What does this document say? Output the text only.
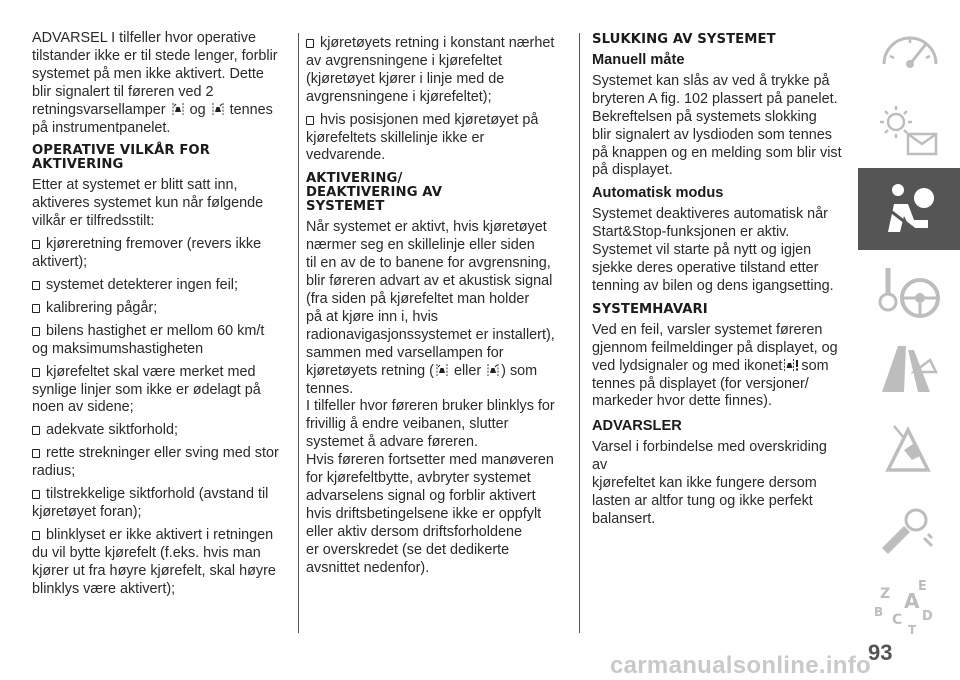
ADVARSEL I tilfeller hvor operative

tilstander ikke er til stede lenger, forblir

systemet på men ikke aktivert. Dette

blir signalert til føreren ved 2

retningsvarsellamper og tennes

på instrumentpanelet.

OPERATIVE VILKÅR FOR
AKTIVERING

Etter at systemet er blitt satt inn,

aktiveres systemet kun når følgende

vilkår er tilfredsstilt:

kjøreretning fremover (revers ikke

aktivert);

systemet detekterer ingen feil;

kalibrering pågår;

bilens hastighet er mellom 60 km/t

og maksimumshastigheten

kjørefeltet skal være merket med

synlige linjer som ikke er ødelagt på

noen av sidene;

adekvate siktforhold;

rette strekninger eller sving med stor

radius;

tilstrekkelige siktforhold (avstand til

kjøretøyet foran);

blinklyset er ikke aktivert i retningen

du vil bytte kjørefelt (f.eks. hvis man

kjører ut fra høyre kjørefelt, skal høyre

blinklys være aktivert);

kjøretøyets retning i konstant nærhet

av avgrensningene i kjørefeltet

(kjøretøyet kjører i linje med de

avgrensningene i kjørefeltet);

hvis posisjonen med kjøretøyet på

kjørefeltets skillelinje ikke er

vedvarende.

AKTIVERING/
DEAKTIVERING AV
SYSTEMET

Når systemet er aktivt, hvis kjøretøyet

nærmer seg en skillelinje eller siden

til en av de to banene for avgrensning,

blir føreren advart av et akustisk signal

(fra siden på kjørefeltet man holder

på at kjøre inn i, hvis

radionavigasjonssystemet er installert),

sammen med varsellampen for

kjøretøyets retning ( eller ) som

tennes.

I tilfeller hvor føreren bruker blinklys for

frivillig å endre veibanen, slutter

systemet å advare føreren.

Hvis føreren fortsetter med manøveren

for kjørefeltbytte, avbryter systemet

advarselens signal og forblir aktivert

hvis driftsbetingelsene ikke er oppfylt

eller aktiv dersom driftsforholdene

er overskredet (se det dedikerte

avsnittet nedenfor).

SLUKKING AV SYSTEMET
Manuell måte

Systemet kan slås av ved å trykke på

bryteren A fig. 102 plassert på panelet.

Bekreftelsen på systemets slokking

blir signalert av lysdioden som tennes

på knappen og en melding som blir vist

på displayet.

Automatisk modus

Systemet deaktiveres automatisk når

Start&Stop-funksjonen er aktiv.

Systemet vil starte på nytt og igjen

sjekke deres operative tilstand etter

tenning av bilen og dens igangsetting.

SYSTEMHAVARI

Ved en feil, varsler systemet føreren

gjennom feilmeldinger på displayet, og

ved lydsignaler og med ikonet som

tennes på displayet (for versjoner/

markeder hvor dette finnes).

ADVARSLER

Varsel i forbindelse med overskriding av

kjørefeltet kan ikke fungere dersom

lasten ar altfor tung og ikke perfekt

balansert.

Z E
A
B C D
T
93
carmanualsonline.info
